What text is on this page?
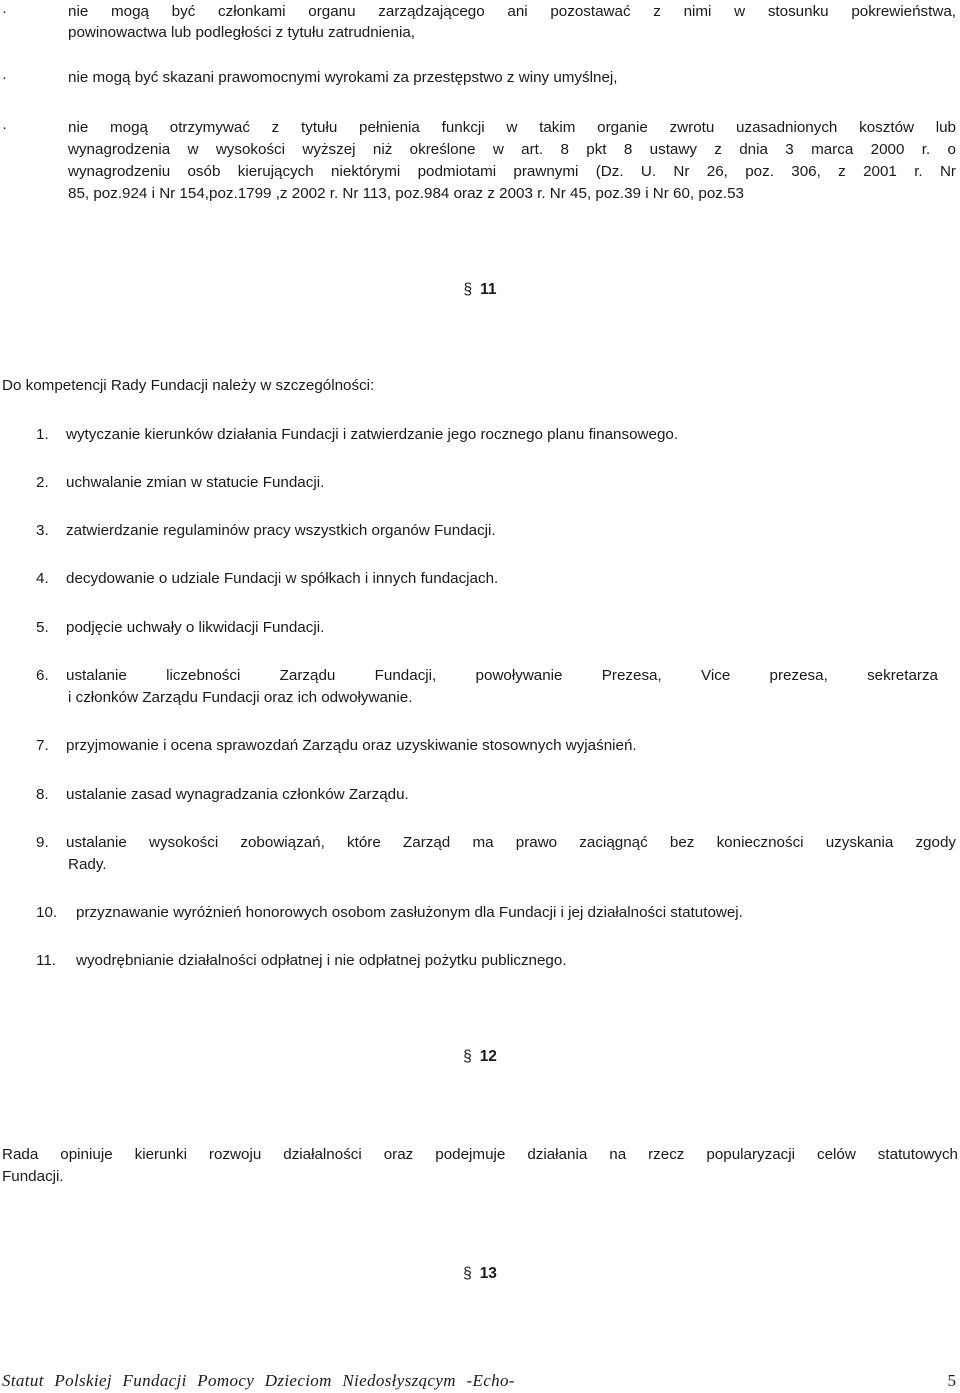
·	nie mogą być członkami organu zarządzającego ani pozostawać z nimi w stosunku pokrewieństwa,
powinowactwa lub podległości z tytułu zatrudnienia,
·	nie mogą być skazani prawomocnymi wyrokami za przestępstwo z winy umyślnej,
·	nie mogą otrzymywać z tytułu pełnienia funkcji w takim organie zwrotu uzasadnionych kosztów lub
wynagrodzenia w wysokości wyższej niż określone w art. 8 pkt 8 ustawy z dnia 3 marca 2000 r. o
wynagrodzeniu osób kierujących niektórymi podmiotami prawnymi (Dz. U. Nr 26, poz. 306, z 2001 r. Nr
85, poz.924 i Nr 154,poz.1799 ,z 2002 r. Nr 113, poz.984 oraz z 2003 r. Nr 45, poz.39 i Nr 60, poz.53
§ 11
Do kompetencji Rady Fundacji należy w szczególności:
1. wytyczanie kierunków działania Fundacji i zatwierdzanie jego rocznego planu finansowego.
2. uchwalanie zmian w statucie Fundacji.
3. zatwierdzanie regulaminów pracy wszystkich organów Fundacji.
4. decydowanie o udziale Fundacji w spółkach i innych fundacjach.
5. podjęcie uchwały o likwidacji Fundacji.
6. ustalanie liczebności Zarządu Fundacji, powoływanie Prezesa, Vice prezesa, sekretarza
i członków Zarządu Fundacji oraz ich odwoływanie.
7. przyjmowanie i ocena sprawozdań Zarządu oraz uzyskiwanie stosownych wyjaśnień.
8. ustalanie zasad wynagradzania członków Zarządu.
9. ustalanie wysokości zobowiązań, które Zarząd ma prawo zaciągnąć bez konieczności uzyskania zgody
Rady.
10. przyznawanie wyróżnień honorowych osobom zasłużonym dla Fundacji i jej działalności statutowej.
11. wyodrębnianie działalności odpłatnej i nie odpłatnej pożytku publicznego.
§ 12
Rada opiniuje kierunki rozwoju działalności oraz podejmuje działania na rzecz popularyzacji celów statutowych
Fundacji.
§ 13
Statut Polskiej Fundacji Pomocy Dzieciom Niedosłyszącym -Echo-	5
